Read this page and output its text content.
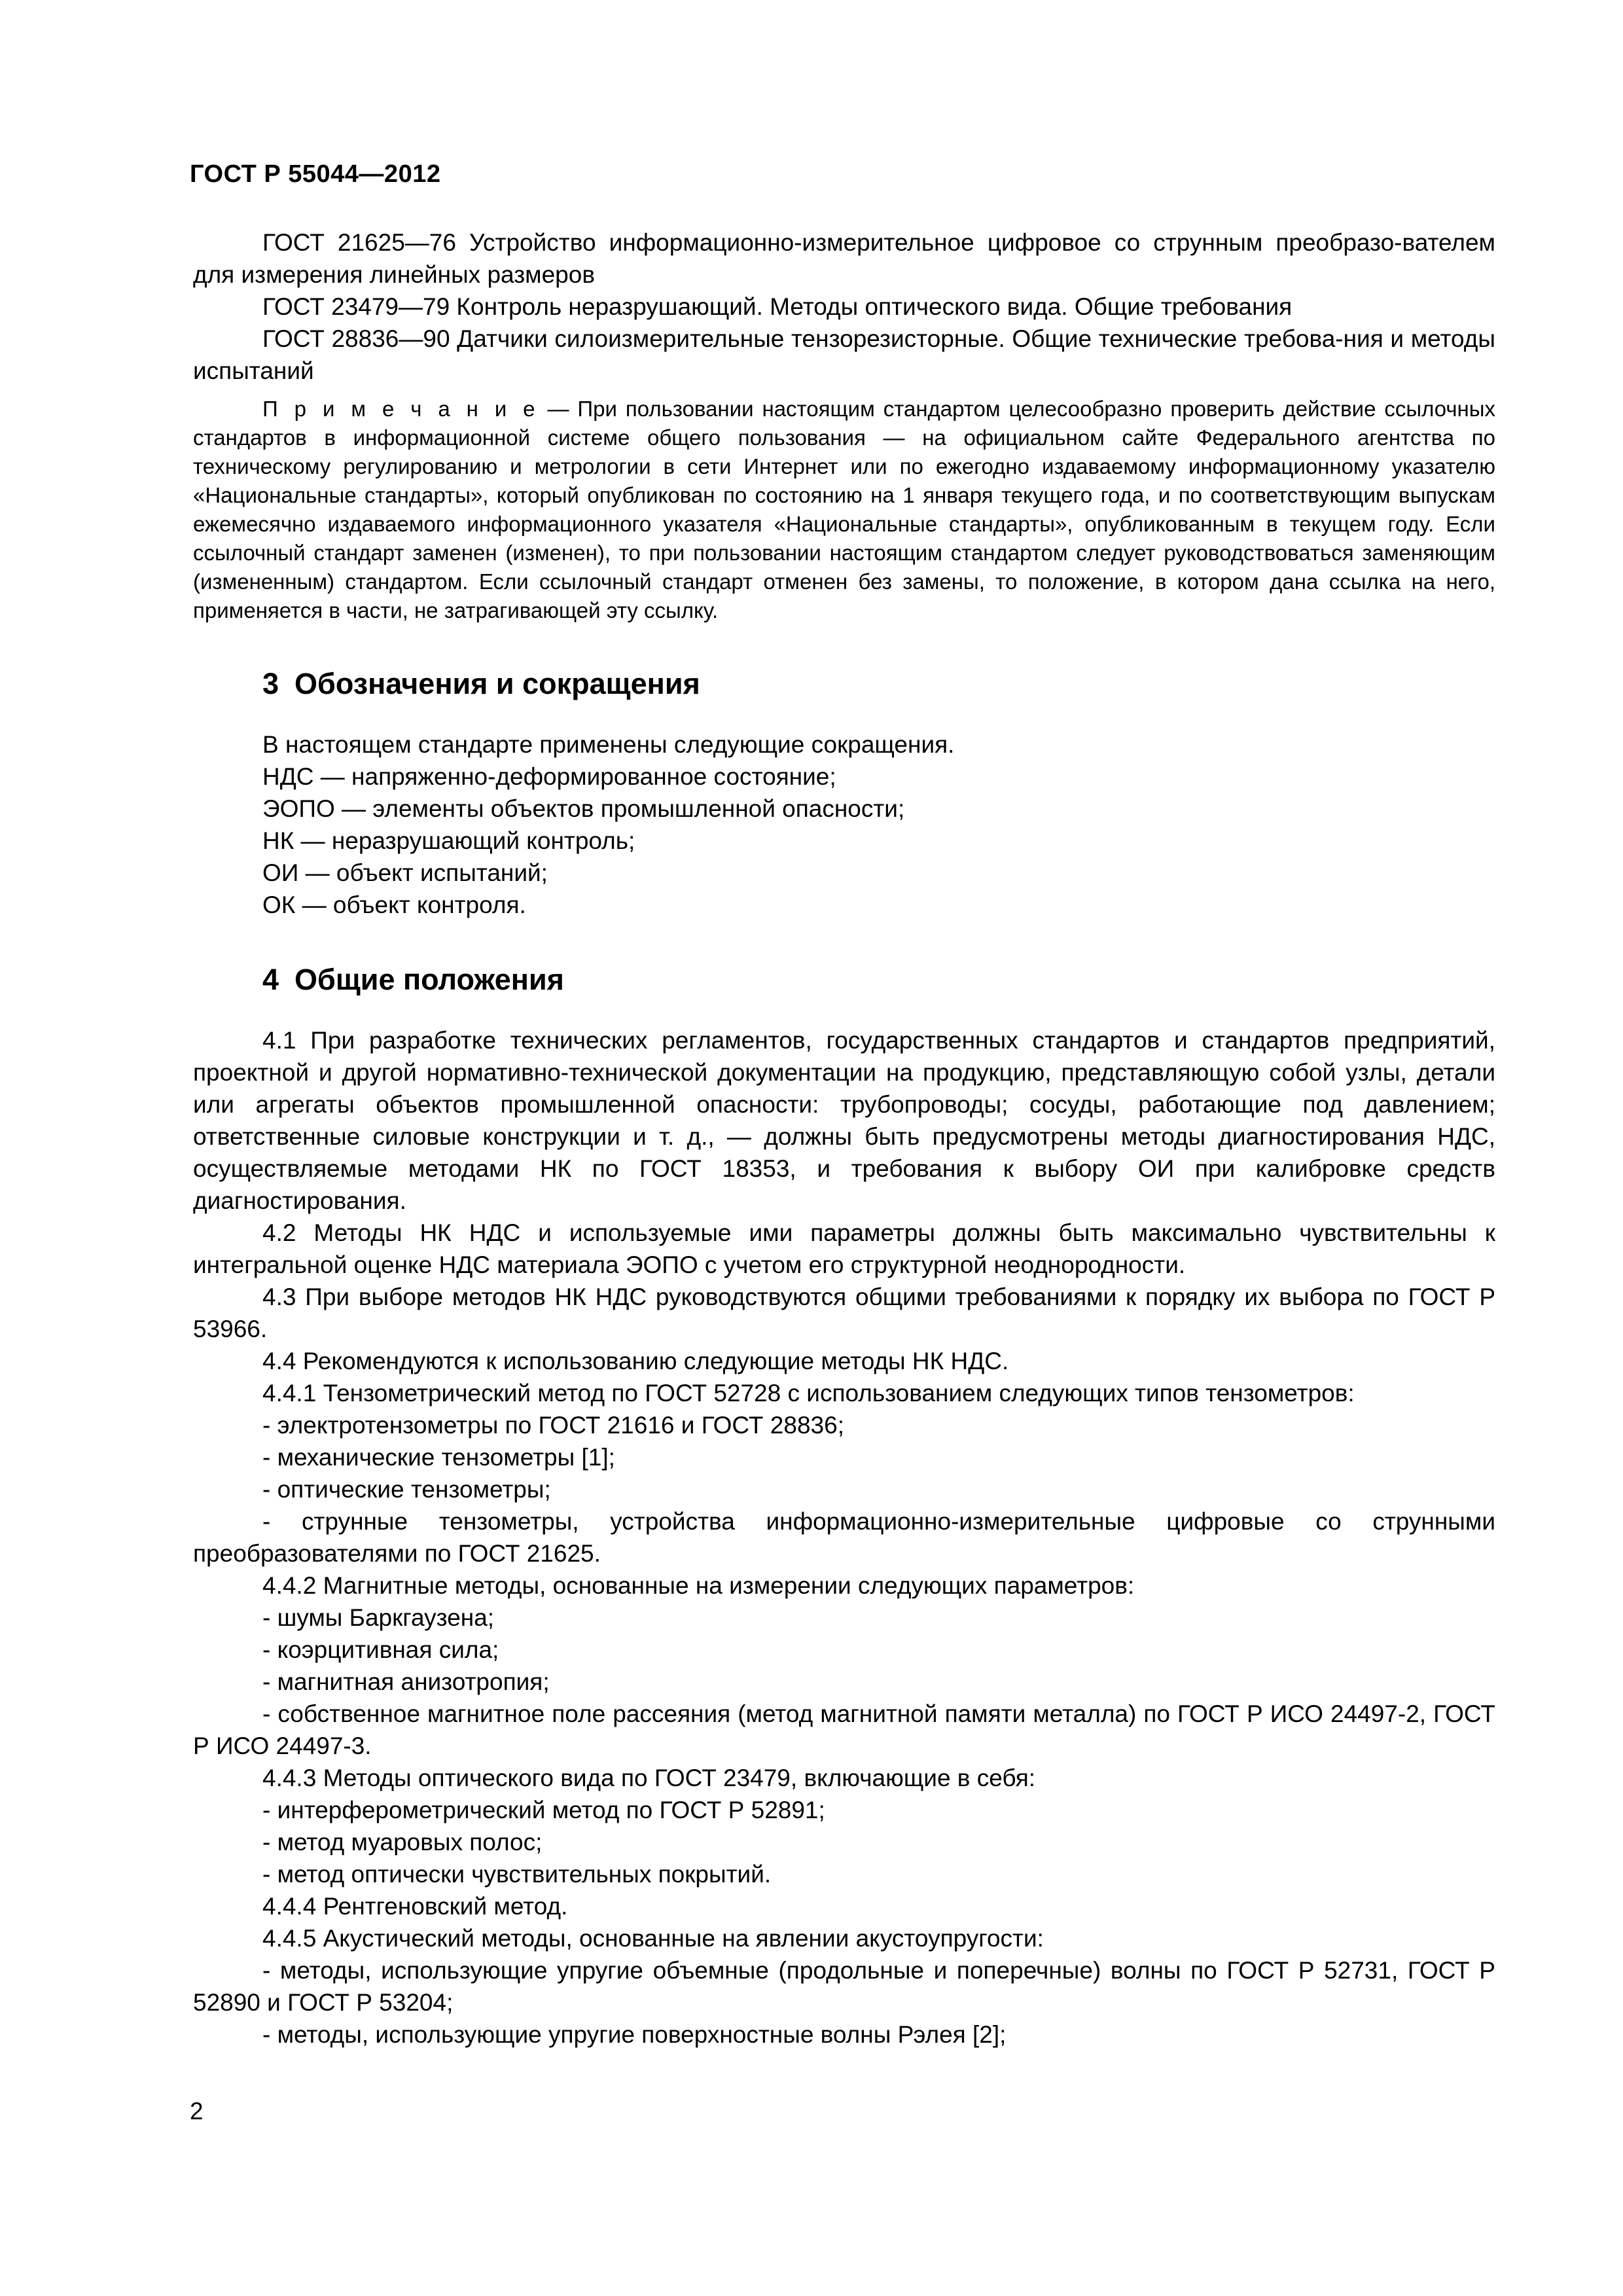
ГОСТ Р 55044—2012

ГОСТ 21625—76 Устройство информационно-измерительное цифровое со струнным преобразо-вателем для измерения линейных размеров

ГОСТ 23479—79 Контроль неразрушающий. Методы оптического вида. Общие требования

ГОСТ 28836—90 Датчики силоизмерительные тензорезисторные. Общие технические требова-ния и методы испытаний

П р и м е ч а н и е — При пользовании настоящим стандартом целесообразно проверить действие ссылочных стандартов в информационной системе общего пользования — на официальном сайте Федерального агентства по техническому регулированию и метрологии в сети Интернет или по ежегодно издаваемому информационному указателю «Национальные стандарты», который опубликован по состоянию на 1 января текущего года, и по соответствующим выпускам ежемесячно издаваемого информационного указателя «Национальные стандарты», опубликованным в текущем году. Если ссылочный стандарт заменен (изменен), то при пользовании настоящим стандартом следует руководствоваться заменяющим (измененным) стандартом. Если ссылочный стандарт отменен без замены, то положение, в котором дана ссылка на него, применяется в части, не затрагивающей эту ссылку.

3 Обозначения и сокращения

В настоящем стандарте применены следующие сокращения.

НДС — напряженно-деформированное состояние;

ЭОПО — элементы объектов промышленной опасности;

НК — неразрушающий контроль;

ОИ — объект испытаний;

ОК — объект контроля.

4 Общие положения

4.1 При разработке технических регламентов, государственных стандартов и стандартов предприятий, проектной и другой нормативно-технической документации на продукцию, представляющую собой узлы, детали или агрегаты объектов промышленной опасности: трубопроводы; сосуды, работающие под давлением; ответственные силовые конструкции и т. д., — должны быть предусмотрены методы диагностирования НДС, осуществляемые методами НК по ГОСТ 18353, и требования к выбору ОИ при калибровке средств диагностирования.

4.2 Методы НК НДС и используемые ими параметры должны быть максимально чувствительны к интегральной оценке НДС материала ЭОПО с учетом его структурной неоднородности.

4.3 При выборе методов НК НДС руководствуются общими требованиями к порядку их выбора по ГОСТ Р 53966.

4.4 Рекомендуются к использованию следующие методы НК НДС.

4.4.1 Тензометрический метод по ГОСТ 52728 с использованием следующих типов тензометров:

- электротензометры по ГОСТ 21616 и ГОСТ 28836;

- механические тензометры [1];

- оптические тензометры;

- струнные тензометры, устройства информационно-измерительные цифровые со струнными преобразователями по ГОСТ 21625.

4.4.2 Магнитные методы, основанные на измерении следующих параметров:

- шумы Баркгаузена;

- коэрцитивная сила;

- магнитная анизотропия;

- собственное магнитное поле рассеяния (метод магнитной памяти металла) по ГОСТ Р ИСО 24497-2, ГОСТ Р ИСО 24497-3.

4.4.3 Методы оптического вида по ГОСТ 23479, включающие в себя:

- интерферометрический метод по ГОСТ Р 52891;

- метод муаровых полос;

- метод оптически чувствительных покрытий.

4.4.4 Рентгеновский метод.

4.4.5 Акустический методы, основанные на явлении акустоупругости:

- методы, использующие упругие объемные (продольные и поперечные) волны по ГОСТ Р 52731, ГОСТ Р 52890 и ГОСТ Р 53204;

- методы, использующие упругие поверхностные волны Рэлея [2];

2
